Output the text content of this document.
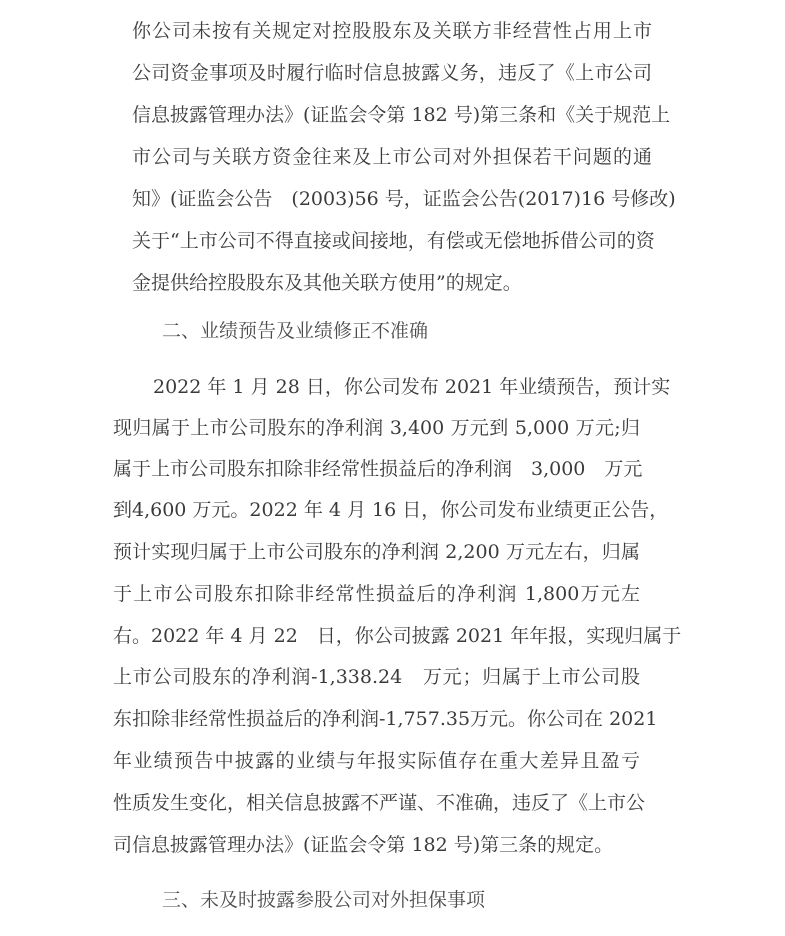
你公司未按有关规定对控股股东及关联方非经营性占用上市
公司资金事项及时履行临时信息披露义务，违反了《上市公司
信息披露管理办法》(证监会令第 182 号)第三条和《关于规范上
市公司与关联方资金往来及上市公司对外担保若干问题的通
知》(证监会公告　(2003)56 号，证监会公告(2017)16 号修改)
关于“上市公司不得直接或间接地，有偿或无偿地拆借公司的资
金提供给控股股东及其他关联方使用”的规定。
二、业绩预告及业绩修正不准确
2022 年 1 月 28 日，你公司发布 2021 年业绩预告，预计实
现归属于上市公司股东的净利润 3,400 万元到 5,000 万元;归
属于上市公司股东扣除非经常性损益后的净利润　3,000　万元
到4,600 万元。2022 年 4 月 16 日，你公司发布业绩更正公告，
预计实现归属于上市公司股东的净利润 2,200 万元左右，归属
于上市公司股东扣除非经常性损益后的净利润 1,800万元左
右。2022 年 4 月 22　日，你公司披露 2021 年年报，实现归属于
上市公司股东的净利润-1,338.24　万元；归属于上市公司股
东扣除非经常性损益后的净利润-1,757.35万元。你公司在 2021
年业绩预告中披露的业绩与年报实际值存在重大差异且盈亏
性质发生变化，相关信息披露不严谨、不准确，违反了《上市公
司信息披露管理办法》(证监会令第 182 号)第三条的规定。
三、未及时披露参股公司对外担保事项
